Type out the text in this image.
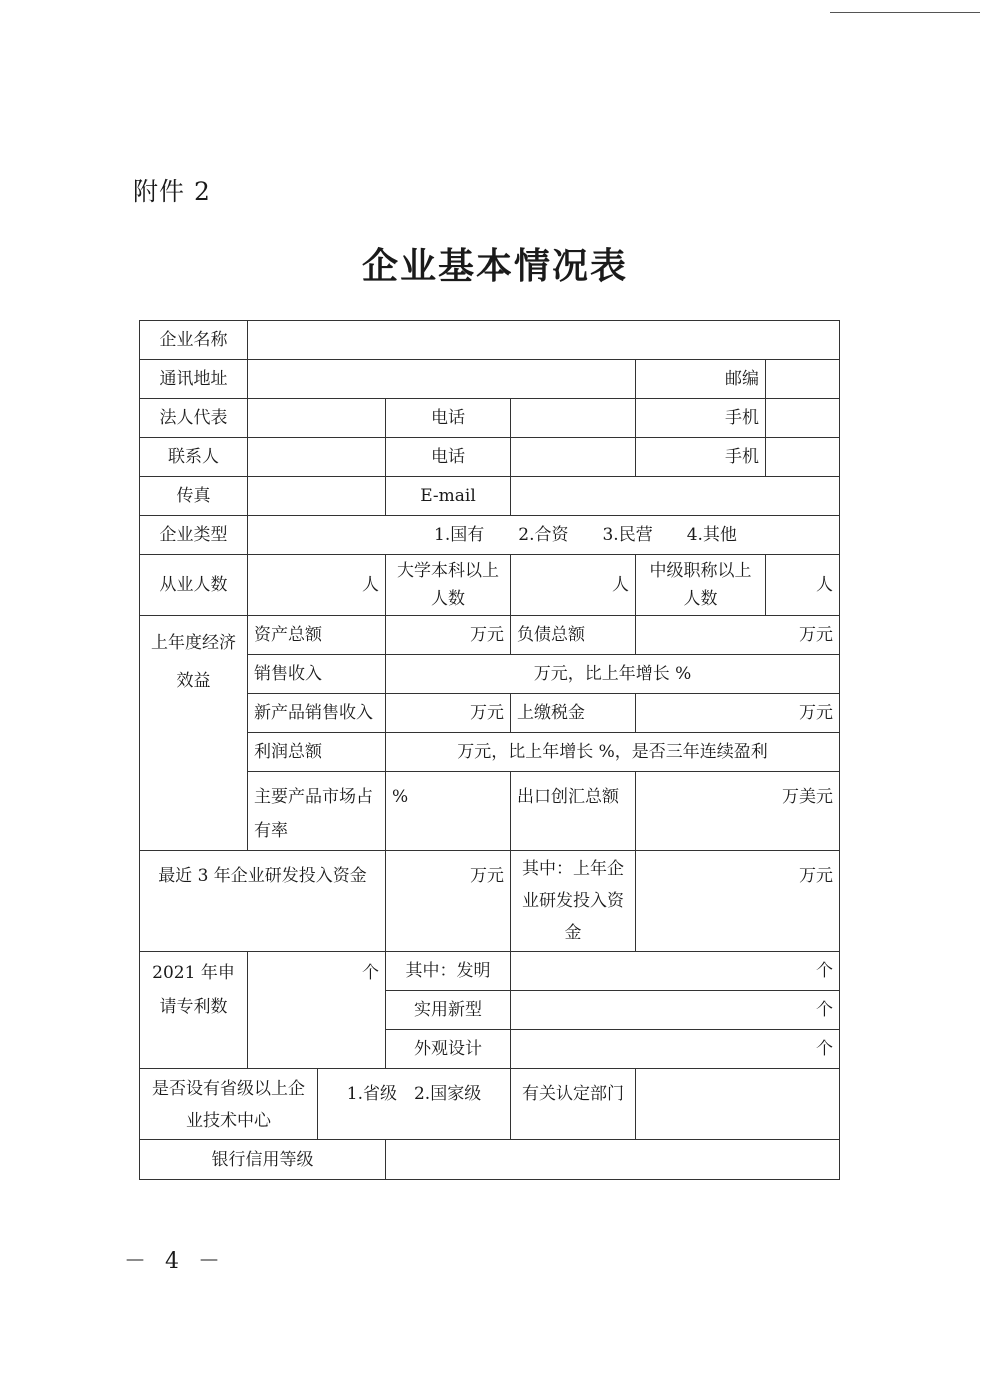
附件 2
企业基本情况表
企业名称						
通讯地址					邮编	
法人代表			电话		手机	
联系人			电话		手机	
传真			E-mail			
企业类型	1.国有　　2.合资　　3.民营　　4.其他					
从业人数	人		大学本科以上人数	人	中级职称以上人数	人
上年度经济效益	资产总额		万元	负债总额	万元	
	销售收入		万元，比上年增长 %			
	新产品销售收入		万元	上缴税金	万元	
	利润总额		万元，比上年增长 %，是否三年连续盈利			
	主要产品市场占有率		%	出口创汇总额	万美元	
最近 3 年企业研发投入资金			万元	其中：上年企业研发投入资金	万元	
2021 年申请专利数	个		其中：发明	个		
			实用新型	个		
			外观设计	个		
是否设有省级以上企业技术中心		1.省级　2.国家级		有关认定部门		
银行信用等级						
－ 4 －
